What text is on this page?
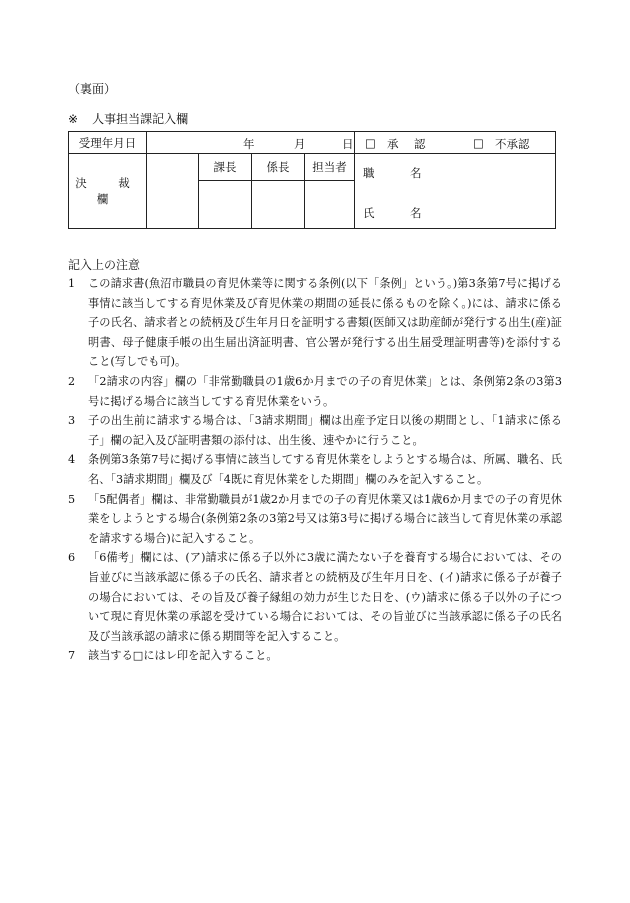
（裏面）
※ 人事担当課記入欄
受理年月日	年 月 日				□ 承　認 □ 不承認

決　裁　欄		課長	係長	担当者	職　名
氏　名

記入上の注意
1	この請求書(魚沼市職員の育児休業等に関する条例(以下「条例」という。)第3条第7号に掲げる事情に該当してする育児休業及び育児休業の期間の延長に係るものを除く。)には、請求に係る子の氏名、請求者との続柄及び生年月日を証明する書類(医師又は助産師が発行する出生(産)証明書、母子健康手帳の出生届出済証明書、官公署が発行する出生届受理証明書等)を添付すること(写しでも可)。
2	「2請求の内容」欄の「非常勤職員の1歳6か月までの子の育児休業」とは、条例第2条の3第3号に掲げる場合に該当してする育児休業をいう。
3	子の出生前に請求する場合は、「3請求期間」欄は出産予定日以後の期間とし、「1請求に係る子」欄の記入及び証明書類の添付は、出生後、速やかに行うこと。
4	条例第3条第7号に掲げる事情に該当してする育児休業をしようとする場合は、所属、職名、氏名、「3請求期間」欄及び「4既に育児休業をした期間」欄のみを記入すること。
5	「5配偶者」欄は、非常勤職員が1歳2か月までの子の育児休業又は1歳6か月までの子の育児休業をしようとする場合(条例第2条の3第2号又は第3号に掲げる場合に該当して育児休業の承認を請求する場合)に記入すること。
6	「6備考」欄には、(ア)請求に係る子以外に3歳に満たない子を養育する場合においては、その旨並びに当該承認に係る子の氏名、請求者との続柄及び生年月日を、(イ)請求に係る子が養子の場合においては、その旨及び養子縁組の効力が生じた日を、(ウ)請求に係る子以外の子について現に育児休業の承認を受けている場合においては、その旨並びに当該承認に係る子の氏名及び当該承認の請求に係る期間等を記入すること。
7	該当する□にはレ印を記入すること。
